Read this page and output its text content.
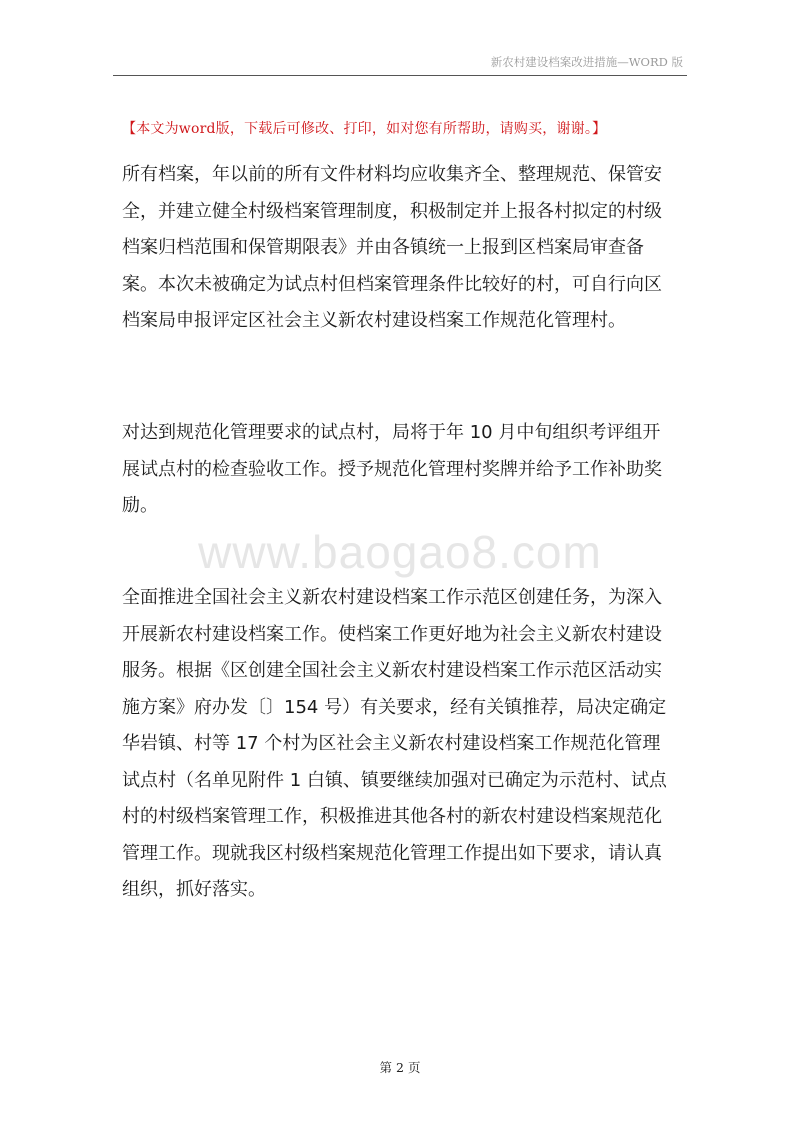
新农村建设档案改进措施—WORD 版
【本文为word版，下载后可修改、打印，如对您有所帮助，请购买，谢谢。】
所有档案，年以前的所有文件材料均应收集齐全、整理规范、保管安
全，并建立健全村级档案管理制度，积极制定并上报各村拟定的村级
档案归档范围和保管期限表》并由各镇统一上报到区档案局审查备
案。本次未被确定为试点村但档案管理条件比较好的村，可自行向区
档案局申报评定区社会主义新农村建设档案工作规范化管理村。
对达到规范化管理要求的试点村，局将于年 10 月中旬组织考评组开
展试点村的检查验收工作。授予规范化管理村奖牌并给予工作补助奖
励。
www.baogao8.com
全面推进全国社会主义新农村建设档案工作示范区创建任务，为深入
开展新农村建设档案工作。使档案工作更好地为社会主义新农村建设
服务。根据《区创建全国社会主义新农村建设档案工作示范区活动实
施方案》府办发〔〕154 号）有关要求，经有关镇推荐，局决定确定
华岩镇、村等 17 个村为区社会主义新农村建设档案工作规范化管理
试点村（名单见附件 1 白镇、镇要继续加强对已确定为示范村、试点
村的村级档案管理工作，积极推进其他各村的新农村建设档案规范化
管理工作。现就我区村级档案规范化管理工作提出如下要求，请认真
组织，抓好落实。
第 2 页
